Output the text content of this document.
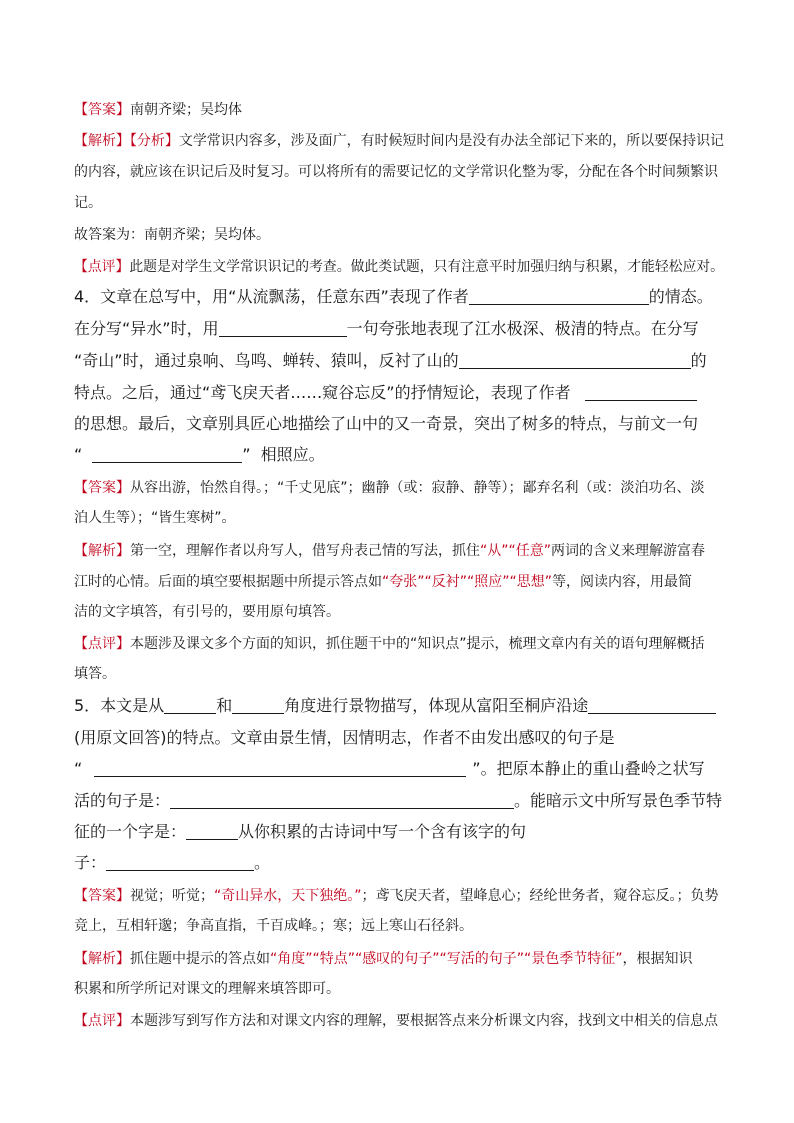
【答案】南朝齐梁；吴均体
【解析】【分析】文学常识内容多，涉及面广，有时候短时间内是没有办法全部记下来的，所以要保持识记
的内容，就应该在识记后及时复习。可以将所有的需要记忆的文学常识化整为零，分配在各个时间频繁识
记。
故答案为：南朝齐梁；吴均体。
【点评】此题是对学生文学常识识记的考查。做此类试题，只有注意平时加强归纳与积累，才能轻松应对。
4．文章在总写中，用“从流飘荡，任意东西”表现了作者	的情态。
在分写“异水”时，用	一句夸张地表现了江水极深、极清的特点。在分写
“奇山”时，通过泉响、鸟鸣、蝉转、猿叫，反衬了山的	的
特点。之后，通过“鸢飞戾天者……窥谷忘反”的抒情短论，表现了作者
的思想。最后，文章别具匠心地描绘了山中的又一奇景，突出了树多的特点，与前文一句
“	” 相照应。
【答案】从容出游，怡然自得。；“千丈见底”；幽静（或：寂静、静等）；鄙弃名利（或：淡泊功名、淡
泊人生等）；“皆生寒树”。
【解析】第一空，理解作者以舟写人，借写舟表己情的写法，抓住“从”“任意”两词的含义来理解游富春
江时的心情。后面的填空要根据题中所提示答点如“夸张”“反衬”“照应”“思想”等，阅读内容，用最简
洁的文字填答，有引号的，要用原句填答。
【点评】本题涉及课文多个方面的知识，抓住题干中的“知识点”提示，梳理文章内有关的语句理解概括
填答。
5．本文是从	和	角度进行景物描写，体现从富阳至桐庐沿途
(用原文回答)的特点。文章由景生情，因情明志，作者不由发出感叹的句子是
“	”。把原本静止的重山叠岭之状写
活的句子是：	。能暗示文中所写景色季节特
征的一个字是：	从你积累的古诗词中写一个含有该字的句
子：	。
【答案】视觉；听觉；“奇山异水，天下独绝。”；鸢飞戾天者，望峰息心；经纶世务者，窥谷忘反。；负势
竞上，互相轩邈；争高直指，千百成峰。；寒；远上寒山石径斜。
【解析】抓住题中提示的答点如“角度”“特点”“感叹的句子”“写活的句子”“景色季节特征”，根据知识
积累和所学所记对课文的理解来填答即可。
【点评】本题涉写到写作方法和对课文内容的理解，要根据答点来分析课文内容，找到文中相关的信息点
